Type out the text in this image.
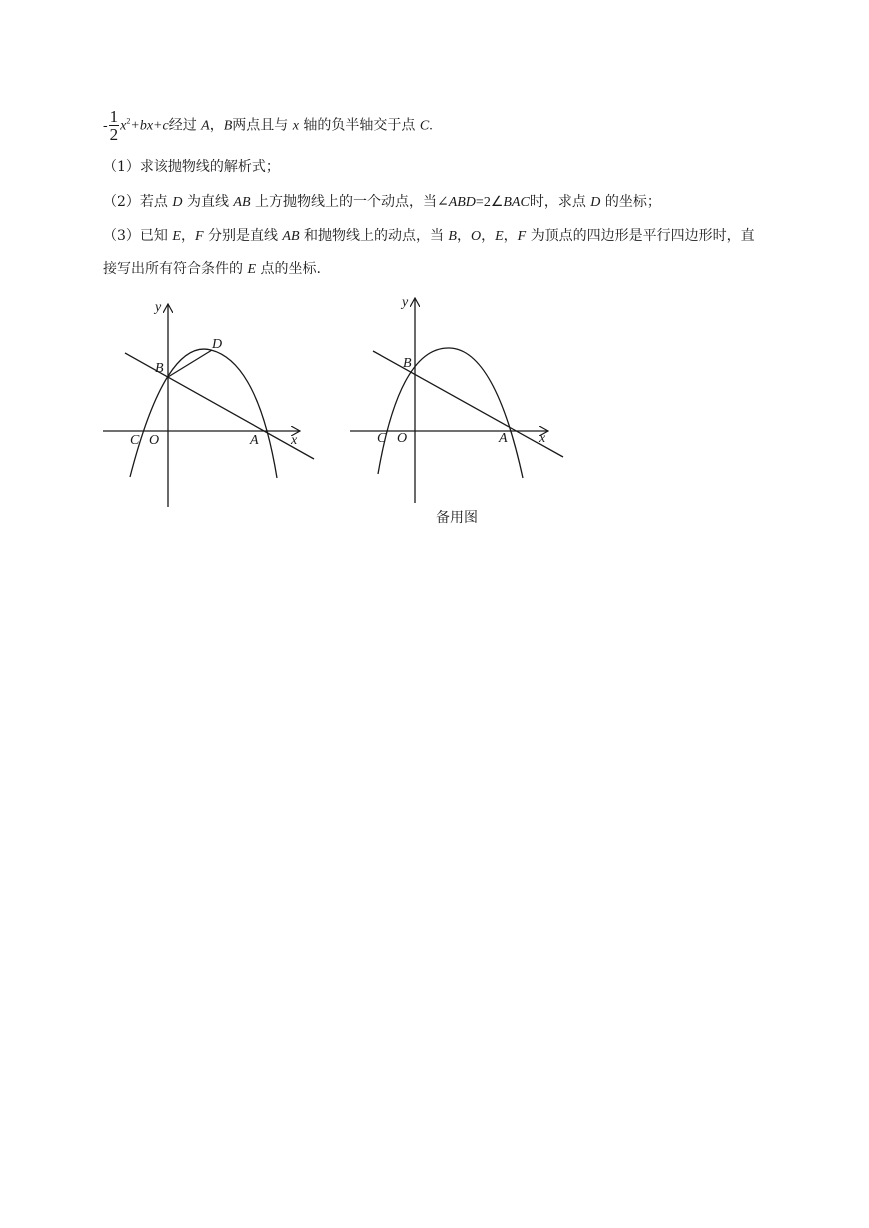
- $\frac{1}{2} x^2+bx+c$经过 A，B两点且与 x 轴的负半轴交于点 C.
（1）求该抛物线的解析式；
（2）若点 D 为直线 AB 上方抛物线上的一个动点，当∠ABD=2∠BAC时，求点 D 的坐标；
（3）已知 E，F 分别是直线 AB 和抛物线上的动点，当 B，O，E，F 为顶点的四边形是平行四边形时，直
接写出所有符合条件的 E 点的坐标.
y
x
B
D
C O	A
y
x
B
C O	A
备用图
